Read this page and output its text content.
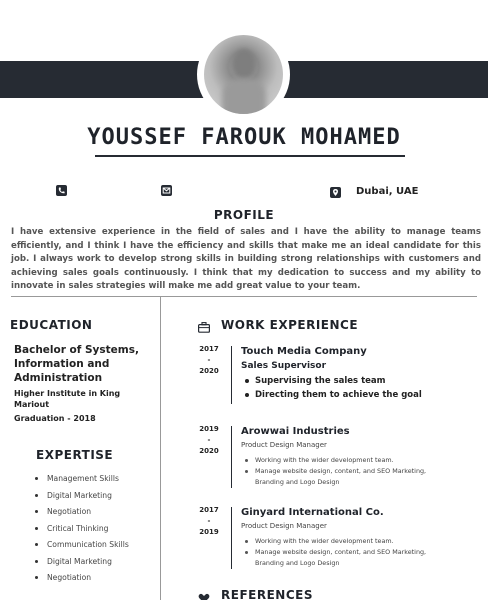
YOUSSEF FAROUK MOHAMED
Dubai, UAE
PROFILE
I have extensive experience in the field of sales and I have the ability to manage teams efficiently, and I think I have the efficiency and skills that make me an ideal candidate for this job. I always work to develop strong skills in building strong relationships with customers and achieving sales goals continuously. I think that my dedication to success and my ability to innovate in sales strategies will make me add great value to your team.
EDUCATION
Bachelor of Systems, Information and Administration
Higher Institute in King Mariout
Graduation - 2018
EXPERTISE
Management Skills
Digital Marketing
Negotiation
Critical Thinking
Communication Skills
Digital Marketing
Negotiation
WORK EXPERIENCE
2017
-
2020
Touch Media Company
Sales Supervisor
Supervising the sales team
Directing them to achieve the goal
2019
-
2020
Arowwai Industries
Product Design Manager
Working with the wider development team.
Manage website design, content, and SEO Marketing, Branding and Logo Design
2017
-
2019
Ginyard International Co.
Product Design Manager
Working with the wider development team.
Manage website design, content, and SEO Marketing, Branding and Logo Design
REFERENCES
